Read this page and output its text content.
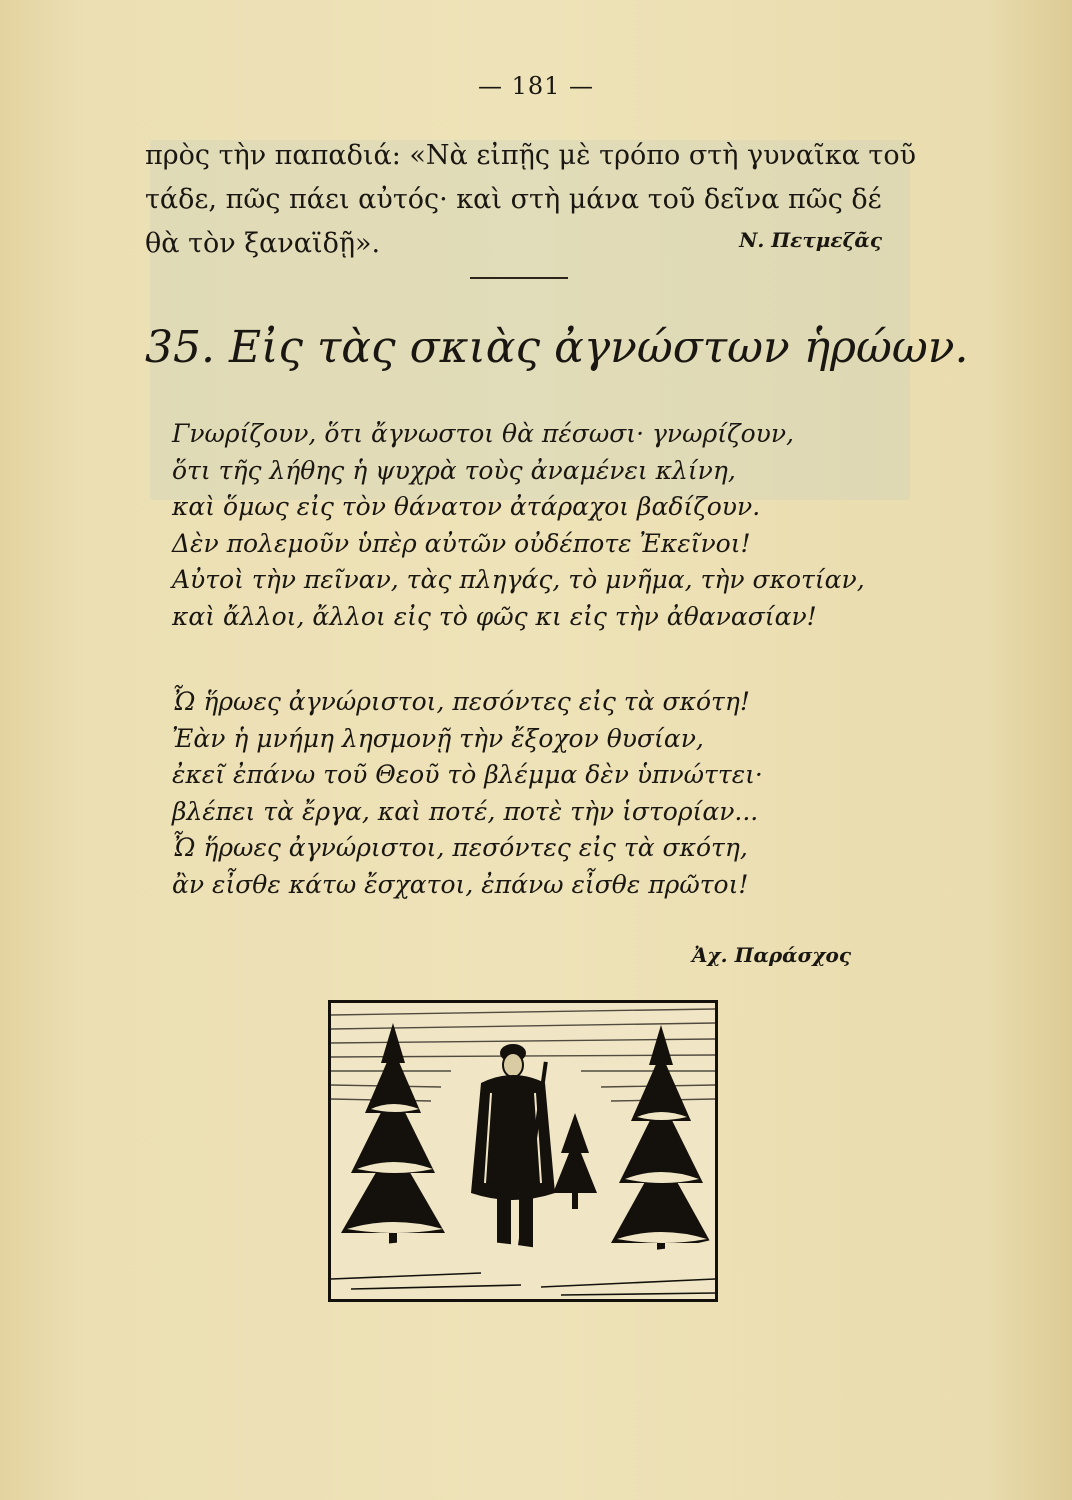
— 181 —
πρὸς τὴν παπαδιά: «Νὰ εἰπῇς μὲ τρόπο στὴ γυναῖκα τοῦ
τάδε, πῶς πάει αὐτός· καὶ στὴ μάνα τοῦ δεῖνα πῶς δέ
θὰ τὸν ξαναϊδῇ».	Ν. Πετμεζᾶς
35. Εἰς τὰς σκιὰς ἀγνώστων ἡρώων.
Γνωρίζουν, ὅτι ἄγνωστοι θὰ πέσωσι· γνωρίζουν,
ὅτι τῆς λήθης ἡ ψυχρὰ τοὺς ἀναμένει κλίνη,
καὶ ὅμως εἰς τὸν θάνατον ἀτάραχοι βαδίζουν.
Δὲν πολεμοῦν ὑπὲρ αὐτῶν οὐδέποτε Ἐκεῖνοι!
Αὐτοὶ τὴν πεῖναν, τὰς πληγάς, τὸ μνῆμα, τὴν σκοτίαν,
καὶ ἄλλοι, ἄλλοι εἰς τὸ φῶς κι εἰς τὴν ἀθανασίαν!
Ὦ ἥρωες ἀγνώριστοι, πεσόντες εἰς τὰ σκότη!
Ἐὰν ἡ μνήμη λησμονῇ τὴν ἔξοχον θυσίαν,
ἐκεῖ ἐπάνω τοῦ Θεοῦ τὸ βλέμμα δὲν ὑπνώττει·
βλέπει τὰ ἔργα, καὶ ποτέ, ποτὲ τὴν ἱστορίαν...
Ὦ ἥρωες ἀγνώριστοι, πεσόντες εἰς τὰ σκότη,
ἂν εἶσθε κάτω ἔσχατοι, ἐπάνω εἶσθε πρῶτοι!
Ἀχ. Παράσχος
